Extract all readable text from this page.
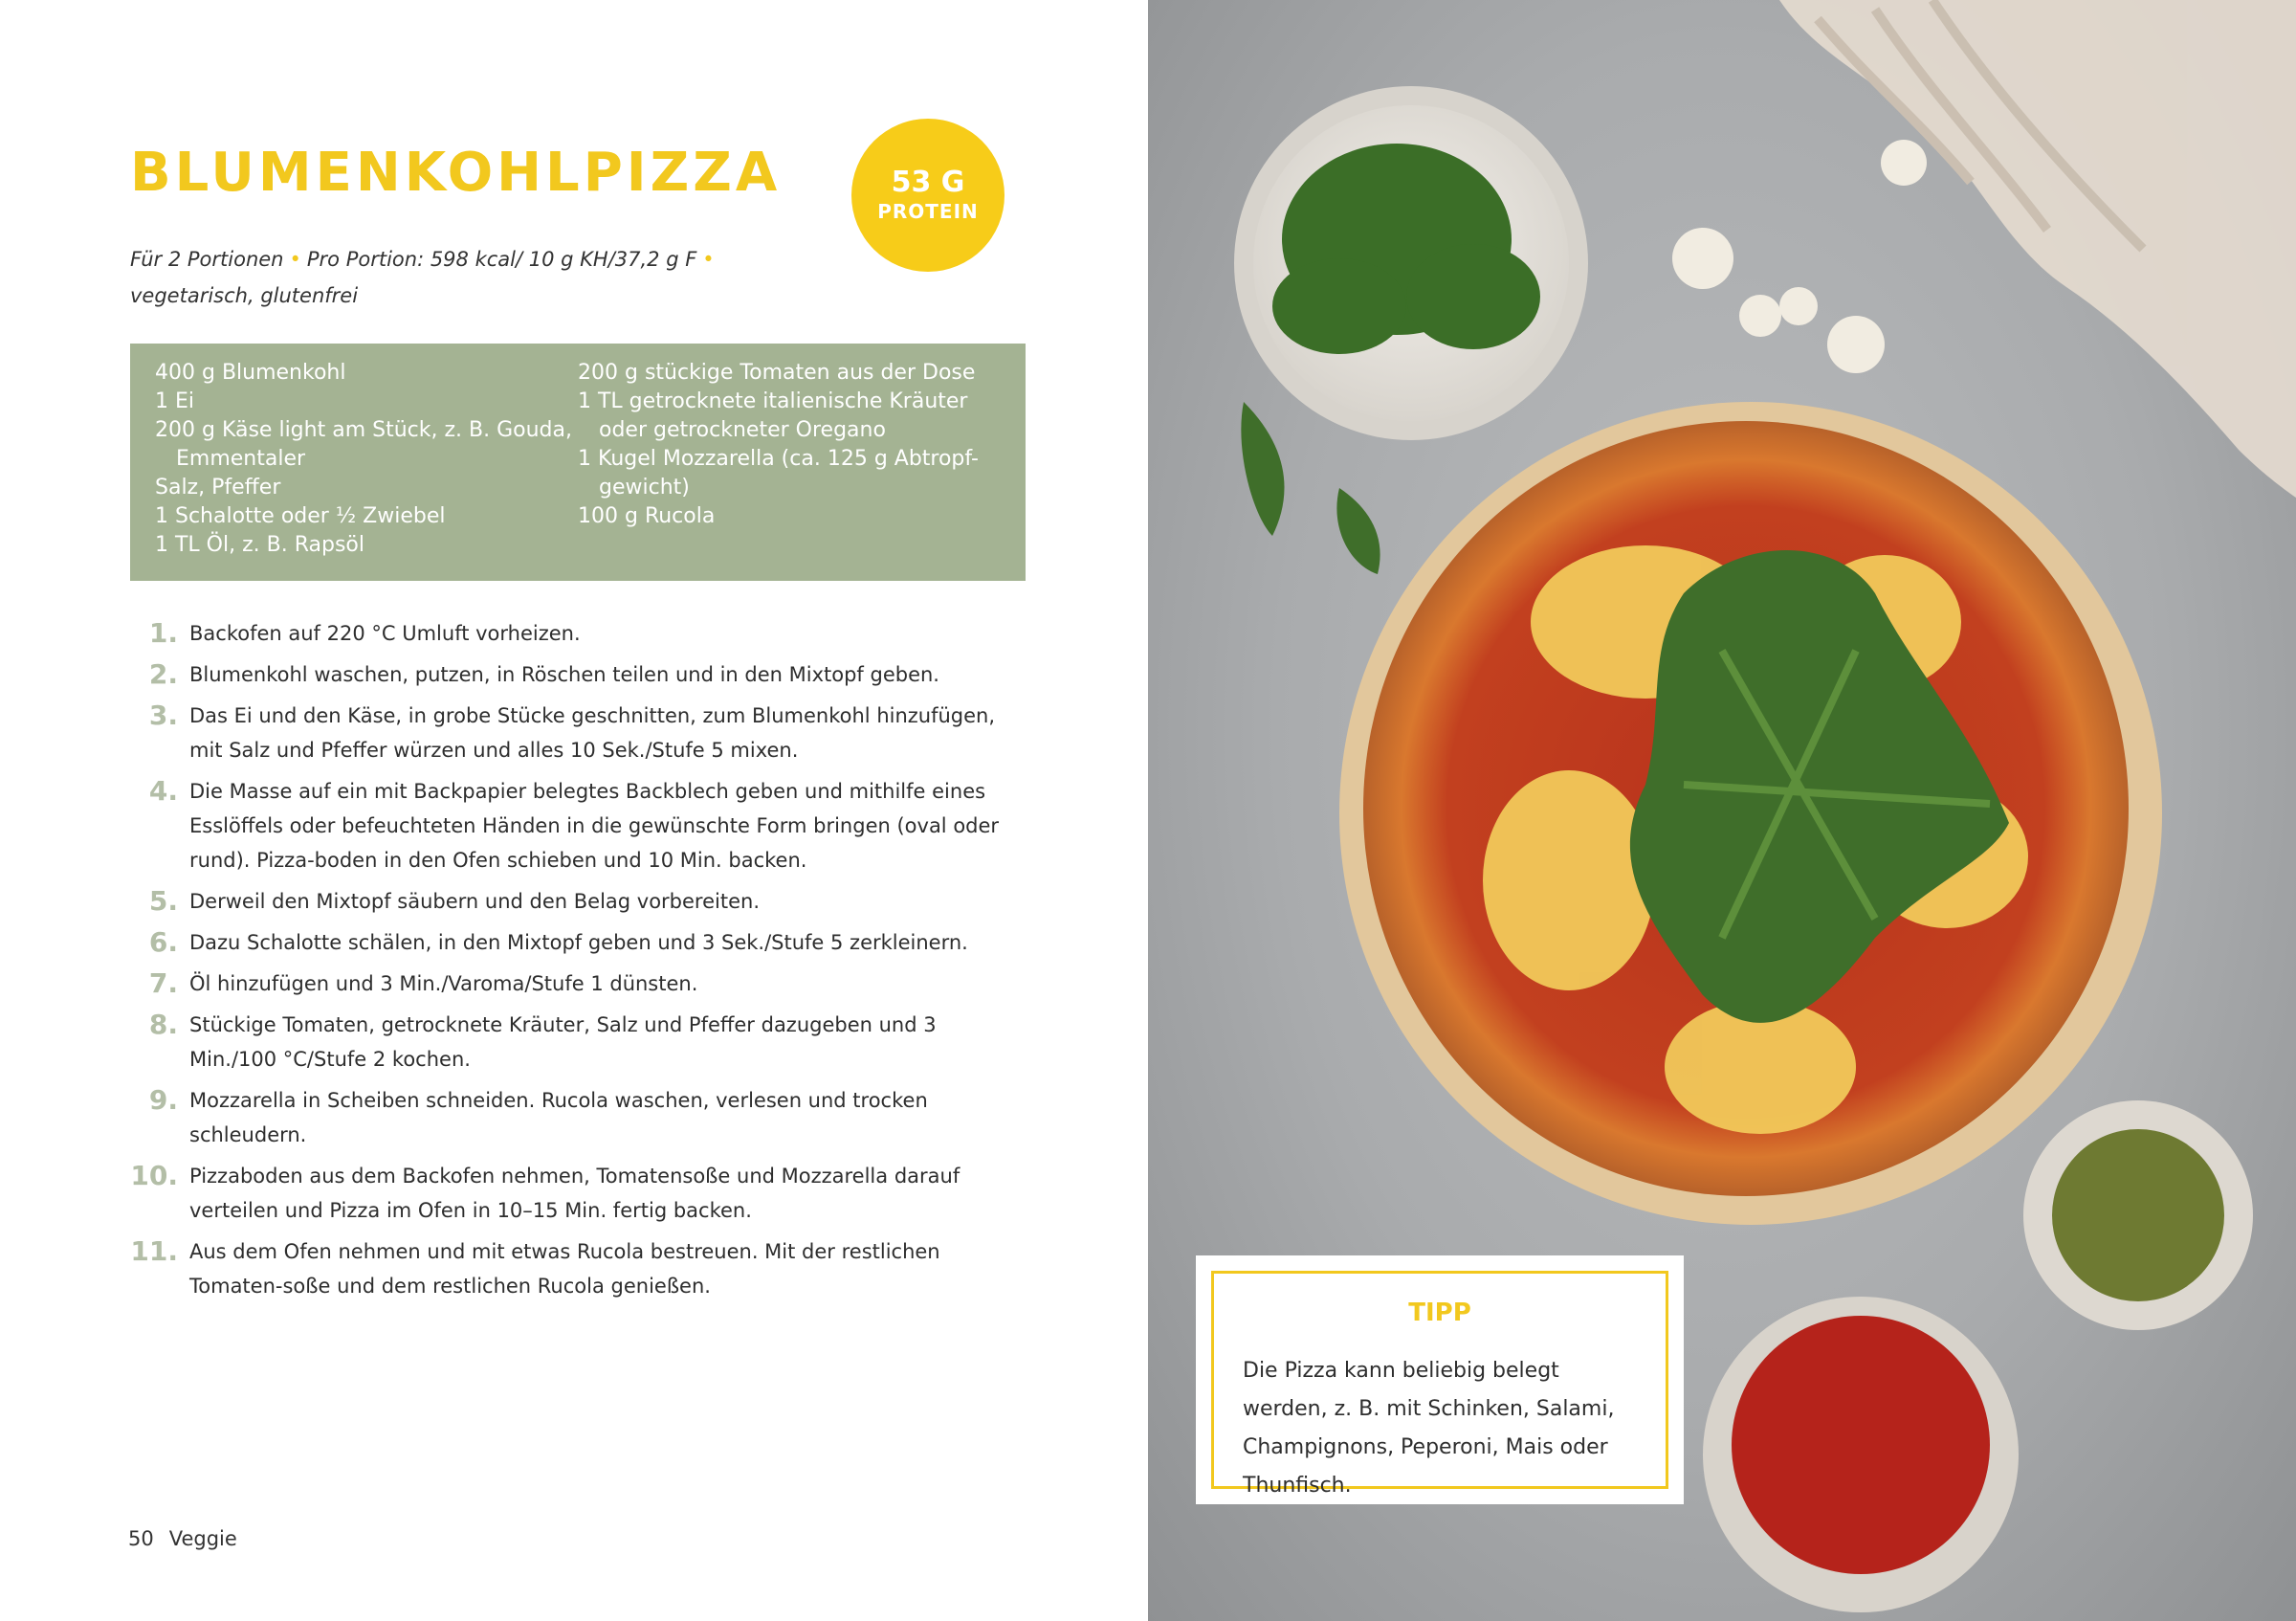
BLUMENKOHLPIZZA	53 G
PROTEIN
Für 2 Portionen • Pro Portion: 598 kcal/ 10 g KH/37,2 g F •
vegetarisch, glutenfrei
400 g Blumenkohl
1 Ei
200 g Käse light am Stück, z. B. Gouda,
Emmentaler
Salz, Pfeffer
1 Schalotte oder ½ Zwiebel
1 TL Öl, z. B. Rapsöl
200 g stückige Tomaten aus der Dose
1 TL getrocknete italienische Kräuter
oder getrockneter Oregano
1 Kugel Mozzarella (ca. 125 g Abtropf-
gewicht)
100 g Rucola
1. Backofen auf 220 °C Umluft vorheizen.
2. Blumenkohl waschen, putzen, in Röschen teilen und in den Mixtopf geben.
3. Das Ei und den Käse, in grobe Stücke geschnitten, zum Blumenkohl hinzufügen, mit Salz und Pfeffer würzen und alles 10 Sek./Stufe 5 mixen.
4. Die Masse auf ein mit Backpapier belegtes Backblech geben und mithilfe eines Esslöffels oder befeuchteten Händen in die gewünschte Form bringen (oval oder rund). Pizza-boden in den Ofen schieben und 10 Min. backen.
5. Derweil den Mixtopf säubern und den Belag vorbereiten.
6. Dazu Schalotte schälen, in den Mixtopf geben und 3 Sek./Stufe 5 zerkleinern.
7. Öl hinzufügen und 3 Min./Varoma/Stufe 1 dünsten.
8. Stückige Tomaten, getrocknete Kräuter, Salz und Pfeffer dazugeben und 3 Min./100 °C/Stufe 2 kochen.
9. Mozzarella in Scheiben schneiden. Rucola waschen, verlesen und trocken schleudern.
10. Pizzaboden aus dem Backofen nehmen, Tomatensoße und Mozzarella darauf verteilen und Pizza im Ofen in 10–15 Min. fertig backen.
11. Aus dem Ofen nehmen und mit etwas Rucola bestreuen. Mit der restlichen Tomaten-soße und dem restlichen Rucola genießen.
50 Veggie
TIPP
Die Pizza kann beliebig belegt werden, z. B. mit Schinken, Salami, Champignons, Peperoni, Mais oder Thunfisch.
